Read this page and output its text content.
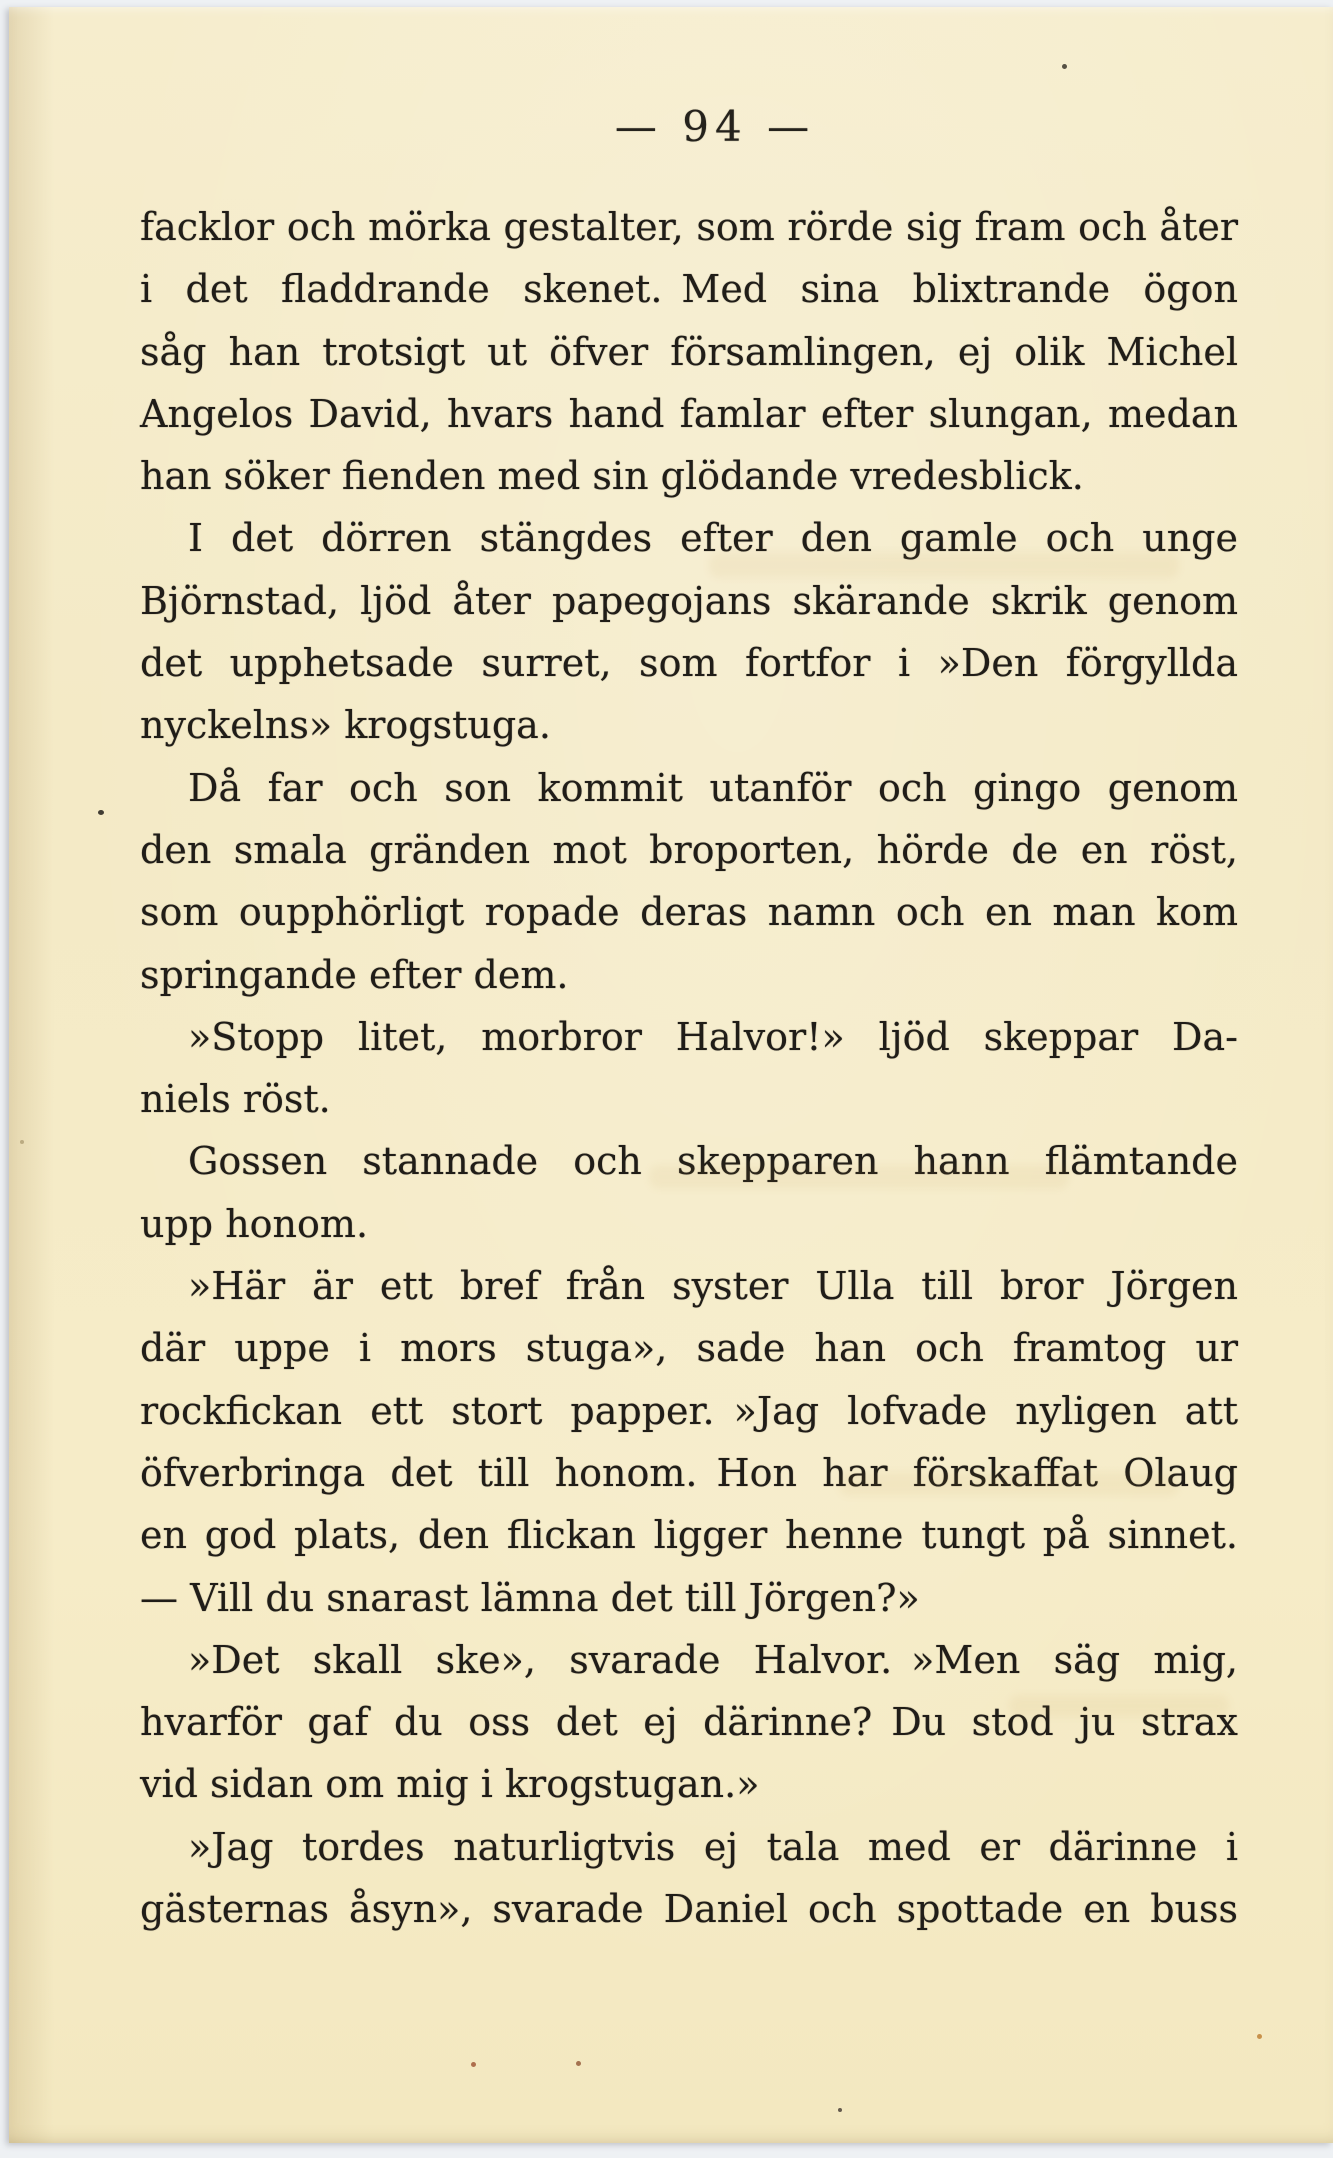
— 94 —
facklor och mörka gestalter, som rörde sig fram och åter
i det fladdrande skenet. Med sina blixtrande ögon
såg han trotsigt ut öfver församlingen, ej olik Michel
Angelos David, hvars hand famlar efter slungan, medan
han söker fienden med sin glödande vredesblick.
I det dörren stängdes efter den gamle och unge
Björnstad, ljöd åter papegojans skärande skrik genom
det upphetsade surret, som fortfor i »Den förgyllda
nyckelns» krogstuga.
Då far och son kommit utanför och gingo genom
den smala gränden mot broporten, hörde de en röst,
som oupphörligt ropade deras namn och en man kom
springande efter dem.
»Stopp litet, morbror Halvor!» ljöd skeppar Da-
niels röst.
Gossen stannade och skepparen hann flämtande
upp honom.
»Här är ett bref från syster Ulla till bror Jörgen
där uppe i mors stuga», sade han och framtog ur
rockfickan ett stort papper. »Jag lofvade nyligen att
öfverbringa det till honom. Hon har förskaffat Olaug
en god plats, den flickan ligger henne tungt på sinnet.
— Vill du snarast lämna det till Jörgen?»
»Det skall ske», svarade Halvor. »Men säg mig,
hvarför gaf du oss det ej därinne? Du stod ju strax
vid sidan om mig i krogstugan.»
»Jag tordes naturligtvis ej tala med er därinne i
gästernas åsyn», svarade Daniel och spottade en buss
